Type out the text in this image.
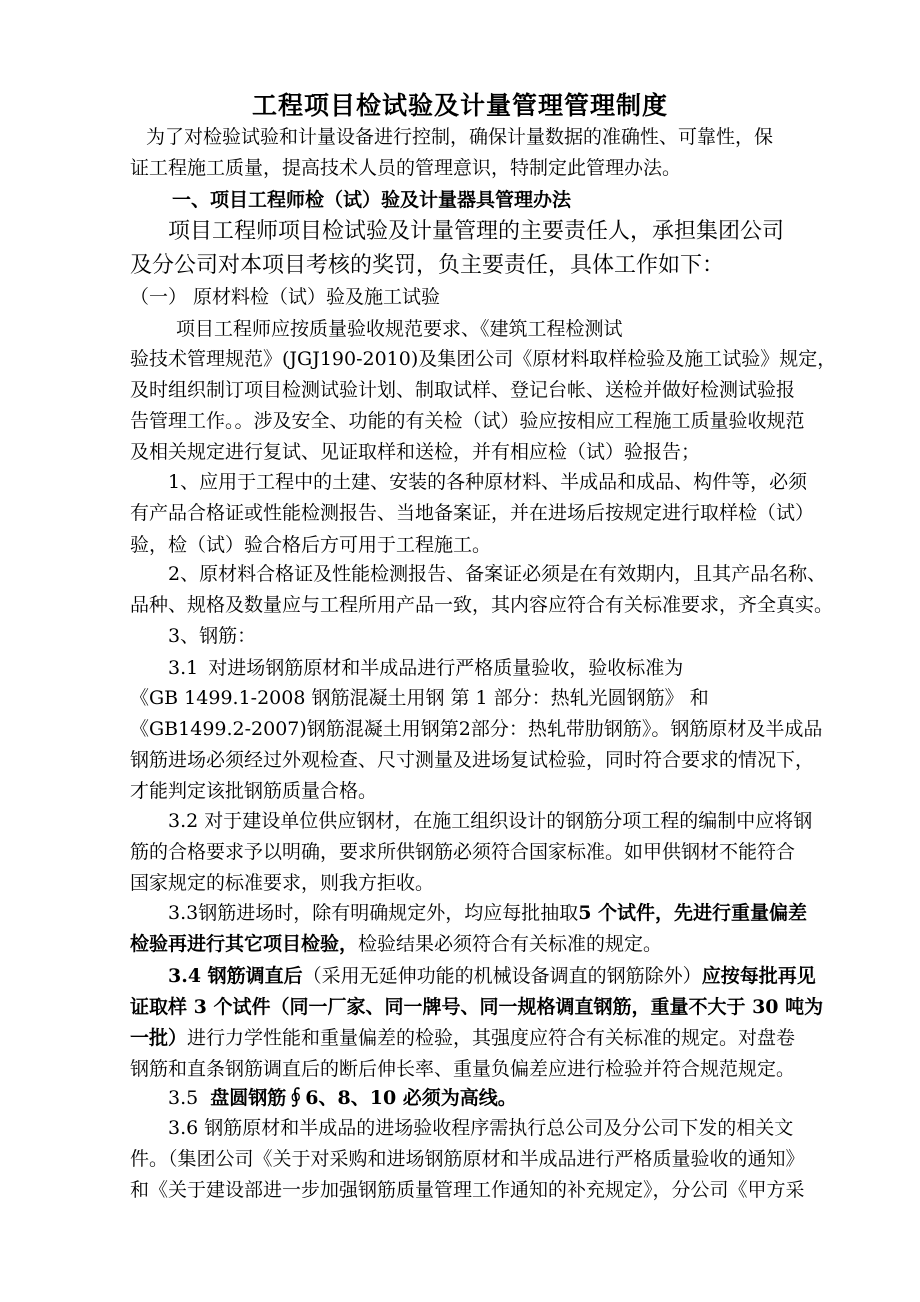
工程项目检试验及计量管理管理制度
为了对检验试验和计量设备进行控制，确保计量数据的准确性、可靠性，保
证工程施工质量，提高技术人员的管理意识，特制定此管理办法。
一、项目工程师检（试）验及计量器具管理办法
项目工程师项目检试验及计量管理的主要责任人，承担集团公司
及分公司对本项目考核的奖罚，负主要责任，具体工作如下：
（一） 原材料检（试）验及施工试验
项目工程师应按质量验收规范要求、《建筑工程检测试
验技术管理规范》(JGJ190-2010)及集团公司《原材料取样检验及施工试验》规定，
及时组织制订项目检测试验计划、制取试样、登记台帐、送检并做好检测试验报
告管理工作。。涉及安全、功能的有关检（试）验应按相应工程施工质量验收规范
及相关规定进行复试、见证取样和送检，并有相应检（试）验报告；
1、应用于工程中的土建、安装的各种原材料、半成品和成品、构件等，必须
有产品合格证或性能检测报告、当地备案证，并在进场后按规定进行取样检（试）
验，检（试）验合格后方可用于工程施工。
2、原材料合格证及性能检测报告、备案证必须是在有效期内，且其产品名称、
品种、规格及数量应与工程所用产品一致，其内容应符合有关标准要求，齐全真实。
3、钢筋：
3.1 对进场钢筋原材和半成品进行严格质量验收，验收标准为
《GB 1499.1-2008 钢筋混凝土用钢 第 1 部分：热轧光圆钢筋》 和
《GB1499.2-2007)钢筋混凝土用钢第2部分：热轧带肋钢筋》。钢筋原材及半成品
钢筋进场必须经过外观检查、尺寸测量及进场复试检验，同时符合要求的情况下，
才能判定该批钢筋质量合格。
3.2 对于建设单位供应钢材，在施工组织设计的钢筋分项工程的编制中应将钢
筋的合格要求予以明确，要求所供钢筋必须符合国家标准。如甲供钢材不能符合
国家规定的标准要求，则我方拒收。
3.3钢筋进场时，除有明确规定外，均应每批抽取5 个试件，先进行重量偏差
检验再进行其它项目检验，检验结果必须符合有关标准的规定。
3.4 钢筋调直后（采用无延伸功能的机械设备调直的钢筋除外）应按每批再见
证取样 3 个试件（同一厂家、同一牌号、同一规格调直钢筋，重量不大于 30 吨为
一批）进行力学性能和重量偏差的检验，其强度应符合有关标准的规定。对盘卷
钢筋和直条钢筋调直后的断后伸长率、重量负偏差应进行检验并符合规范规定。
3.5  盘圆钢筋∮6、8、10 必须为高线。
3.6 钢筋原材和半成品的进场验收程序需执行总公司及分公司下发的相关文
件。（集团公司《关于对采购和进场钢筋原材和半成品进行严格质量验收的通知》
和《关于建设部进一步加强钢筋质量管理工作通知的补充规定》，分公司《甲方采
